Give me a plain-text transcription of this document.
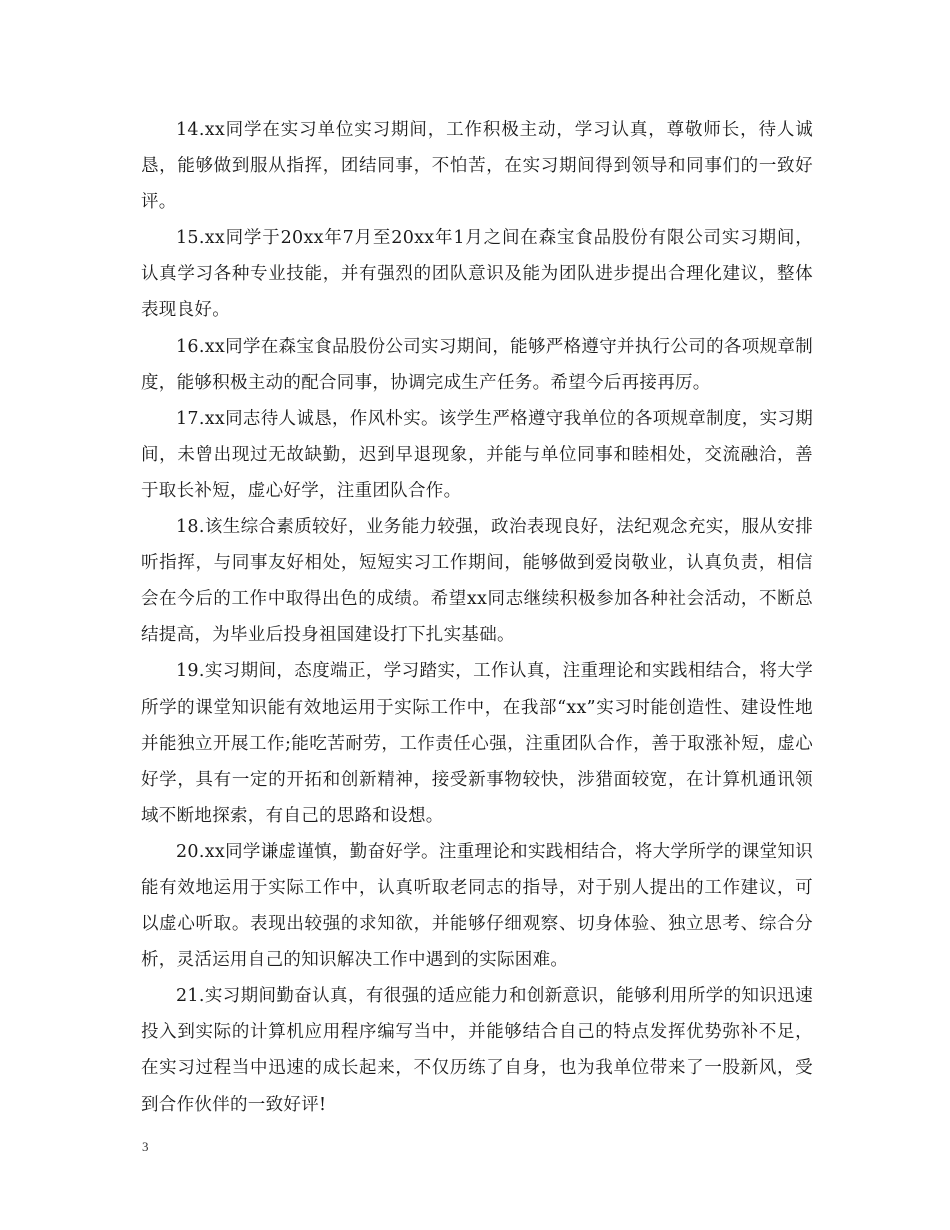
14.xx同学在实习单位实习期间，工作积极主动，学习认真，尊敬师长，待人诚恳，能够做到服从指挥，团结同事，不怕苦，在实习期间得到领导和同事们的一致好评。

15.xx同学于20xx年7月至20xx年1月之间在森宝食品股份有限公司实习期间，认真学习各种专业技能，并有强烈的团队意识及能为团队进步提出合理化建议，整体表现良好。

16.xx同学在森宝食品股份公司实习期间，能够严格遵守并执行公司的各项规章制度，能够积极主动的配合同事，协调完成生产任务。希望今后再接再厉。

17.xx同志待人诚恳，作风朴实。该学生严格遵守我单位的各项规章制度，实习期间，未曾出现过无故缺勤，迟到早退现象，并能与单位同事和睦相处，交流融洽，善于取长补短，虚心好学，注重团队合作。

18.该生综合素质较好，业务能力较强，政治表现良好，法纪观念充实，服从安排听指挥，与同事友好相处，短短实习工作期间，能够做到爱岗敬业，认真负责，相信会在今后的工作中取得出色的成绩。希望xx同志继续积极参加各种社会活动，不断总结提高，为毕业后投身祖国建设打下扎实基础。

19.实习期间，态度端正，学习踏实，工作认真，注重理论和实践相结合，将大学所学的课堂知识能有效地运用于实际工作中，在我部“xx”实习时能创造性、建设性地并能独立开展工作;能吃苦耐劳，工作责任心强，注重团队合作，善于取涨补短，虚心好学，具有一定的开拓和创新精神，接受新事物较快，涉猎面较宽，在计算机通讯领域不断地探索，有自己的思路和设想。

20.xx同学谦虚谨慎，勤奋好学。注重理论和实践相结合，将大学所学的课堂知识能有效地运用于实际工作中，认真听取老同志的指导，对于别人提出的工作建议，可以虚心听取。表现出较强的求知欲，并能够仔细观察、切身体验、独立思考、综合分析，灵活运用自己的知识解决工作中遇到的实际困难。

21.实习期间勤奋认真，有很强的适应能力和创新意识，能够利用所学的知识迅速投入到实际的计算机应用程序编写当中，并能够结合自己的特点发挥优势弥补不足，在实习过程当中迅速的成长起来，不仅历练了自身，也为我单位带来了一股新风，受到合作伙伴的一致好评!

3
